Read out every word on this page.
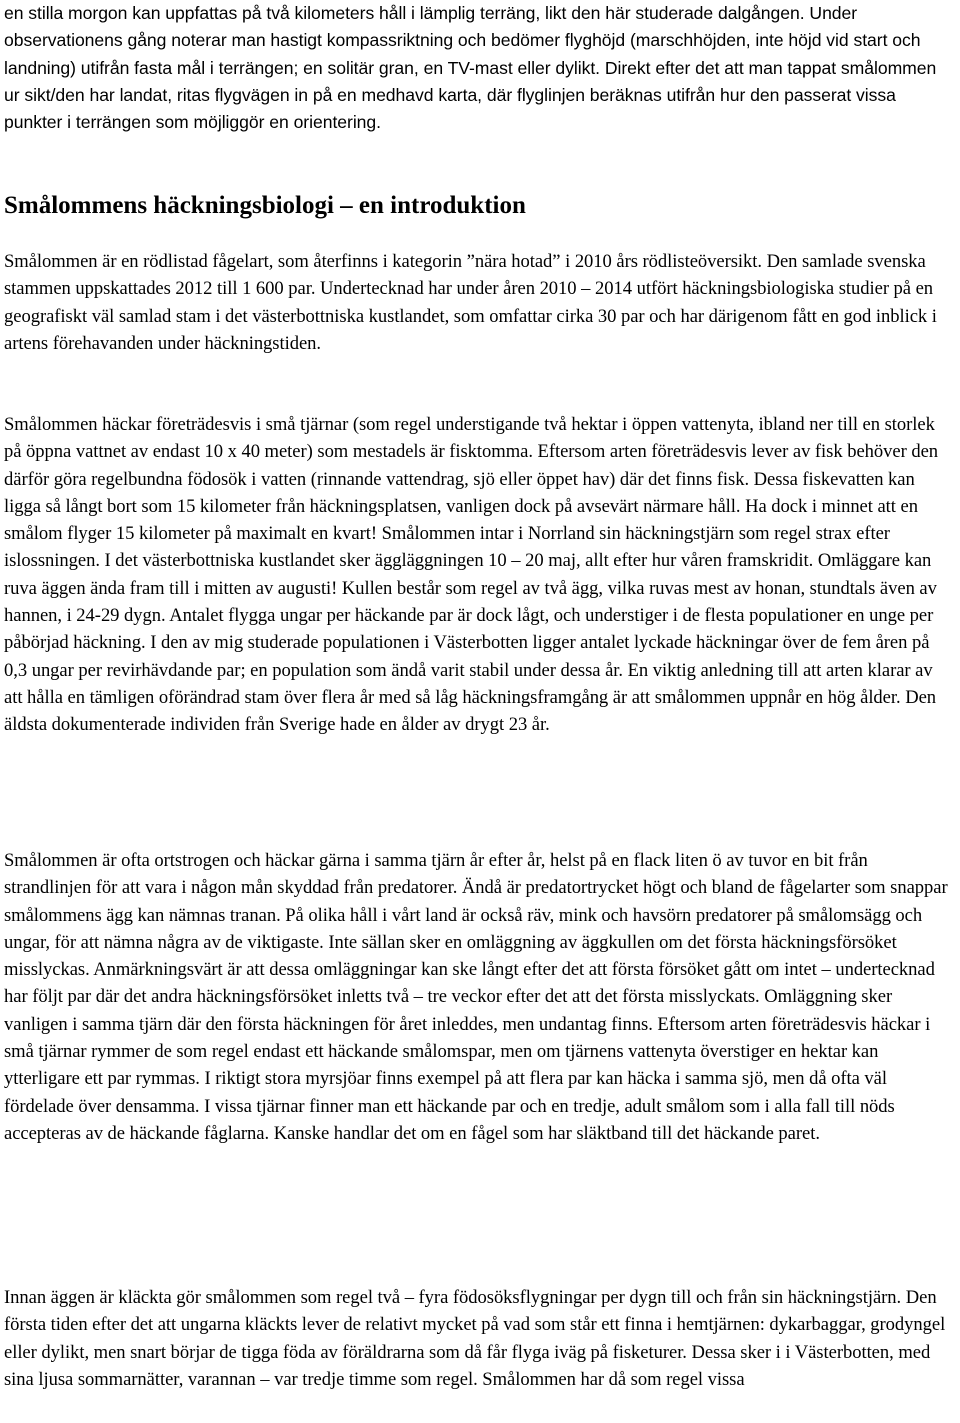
en stilla morgon kan uppfattas på två kilometers håll i lämplig terräng, likt den här studerade dalgången. Under observationens gång noterar man hastigt kompassriktning och bedömer flyghöjd (marschhöjden, inte höjd vid start och landning) utifrån fasta mål i terrängen; en solitär gran, en TV-mast eller dylikt. Direkt efter det att man tappat smålommen ur sikt/den har landat, ritas flygvägen in på en medhavd karta, där flyglinjen beräknas utifrån hur den passerat vissa punkter i terrängen som möjliggör en orientering.

Smålommens häckningsbiologi – en introduktion

Smålommen är en rödlistad fågelart, som återfinns i kategorin ”nära hotad” i 2010 års rödlisteöversikt. Den samlade svenska stammen uppskattades 2012 till 1 600 par. Undertecknad har under åren 2010 – 2014 utfört häckningsbiologiska studier på en geografiskt väl samlad stam i det västerbottniska kustlandet, som omfattar cirka 30 par och har därigenom fått en god inblick i artens förehavanden under häckningstiden.

Smålommen häckar företrädesvis i små tjärnar (som regel understigande två hektar i öppen vattenyta, ibland ner till en storlek på öppna vattnet av endast 10 x 40 meter) som mestadels är fisktomma. Eftersom arten företrädesvis lever av fisk behöver den därför göra regelbundna födosök i vatten (rinnande vattendrag, sjö eller öppet hav) där det finns fisk. Dessa fiskevatten kan ligga så långt bort som 15 kilometer från häckningsplatsen, vanligen dock på avsevärt närmare håll. Ha dock i minnet att en smålom flyger 15 kilometer på maximalt en kvart! Smålommen intar i Norrland sin häckningstjärn som regel strax efter islossningen. I det västerbottniska kustlandet sker äggläggningen 10 – 20 maj, allt efter hur våren framskridit. Omläggare kan ruva äggen ända fram till i mitten av augusti! Kullen består som regel av två ägg, vilka ruvas mest av honan, stundtals även av hannen, i 24-29 dygn. Antalet flygga ungar per häckande par är dock lågt, och understiger i de flesta populationer en unge per påbörjad häckning. I den av mig studerade populationen i Västerbotten ligger antalet lyckade häckningar över de fem åren på 0,3 ungar per revirhävdande par; en population som ändå varit stabil under dessa år. En viktig anledning till att arten klarar av att hålla en tämligen oförändrad stam över flera år med så låg häckningsframgång är att smålommen uppnår en hög ålder. Den äldsta dokumenterade individen från Sverige hade en ålder av drygt 23 år.

Smålommen är ofta ortstrogen och häckar gärna i samma tjärn år efter år, helst på en flack liten ö av tuvor en bit från strandlinjen för att vara i någon mån skyddad från predatorer. Ändå är predatortrycket högt och bland de fågelarter som snappar smålommens ägg kan nämnas tranan. På olika håll i vårt land är också räv, mink och havsörn predatorer på smålomsägg och ungar, för att nämna några av de viktigaste. Inte sällan sker en omläggning av äggkullen om det första häckningsförsöket misslyckas. Anmärkningsvärt är att dessa omläggningar kan ske långt efter det att första försöket gått om intet – undertecknad har följt par där det andra häckningsförsöket inletts två – tre veckor efter det att det första misslyckats. Omläggning sker vanligen i samma tjärn där den första häckningen för året inleddes, men undantag finns. Eftersom arten företrädesvis häckar i små tjärnar rymmer de som regel endast ett häckande smålomspar, men om tjärnens vattenyta överstiger en hektar kan ytterligare ett par rymmas. I riktigt stora myrsjöar finns exempel på att flera par kan häcka i samma sjö, men då ofta väl fördelade över densamma. I vissa tjärnar finner man ett häckande par och en tredje, adult smålom som i alla fall till nöds accepteras av de häckande fåglarna. Kanske handlar det om en fågel som har släktband till det häckande paret.

Innan äggen är kläckta gör smålommen som regel två – fyra födosöksflygningar per dygn till och från sin häckningstjärn. Den första tiden efter det att ungarna kläckts lever de relativt mycket på vad som står ett finna i hemtjärnen: dykarbaggar, grodyngel eller dylikt, men snart börjar de tigga föda av föräldrarna som då får flyga iväg på fisketurer. Dessa sker i i Västerbotten, med sina ljusa sommarnätter, varannan – var tredje timme som regel. Smålommen har då som regel vissa
